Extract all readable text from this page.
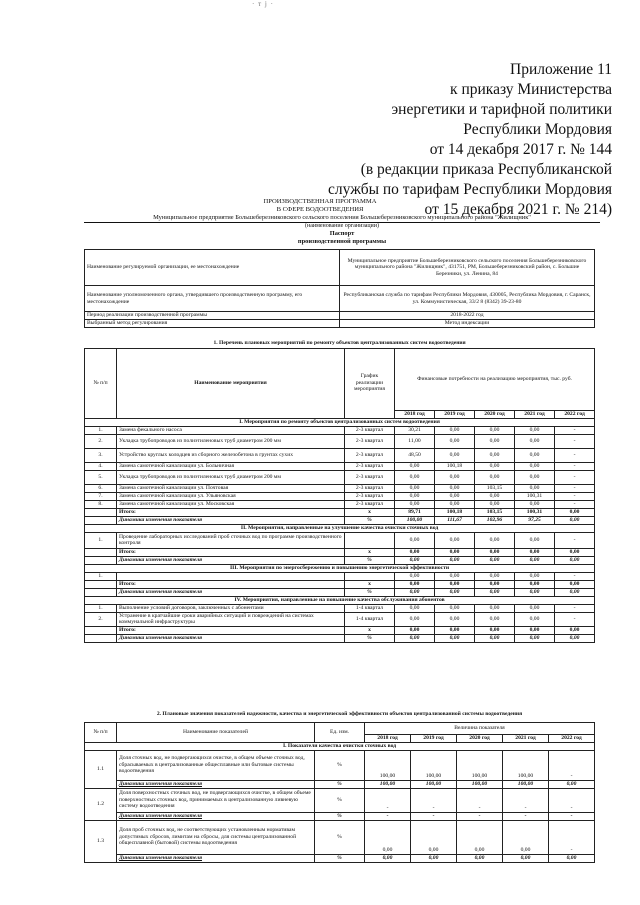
· т ј ·
Приложение 11
к приказу Министерства
энергетики и тарифной политики
Республики Мордовия
от 14 декабря 2017 г. № 144
(в редакции приказа Республиканской
службы по тарифам Республики Мордовия
от 15 декабря 2021 г. № 214)
ПРОИЗВОДСТВЕННАЯ ПРОГРАММА
В СФЕРЕ ВОДООТВЕДЕНИЯ
Муниципальное предприятие Большеберезниковского сельского поселения Большеберезниковского муниципального района "Жилищник"
(наименование организации)
Паспорт
производственной программы
Наименование регулируемой организации, ее местонахождение	Муниципальное предприятие Большеберезниковского сельского поселения Большеберезниковского муниципального района "Жилищник", 431751, РМ, Большеберезниковский район, с. Большие Березники, ул. Ленина, 84
Наименование уполномоченного органа, утвердившего производственную программу, его местонахождение	Республиканская служба по тарифам Республики Мордовия, 430005, Республика Мордовия, г. Саранск, ул. Коммунистическая, 33/2 8 (8342) 39-23-80
Период реализации производственной программы	2018-2022 год
Выбранный метод регулирования	Метод индексации
1. Перечень плановых мероприятий по ремонту объектов централизованных систем водоотведения							
№ п/п	Наименование мероприятия	График реализации мероприятия	Финансовые потребности на реализацию мероприятия, тыс. руб.				
			2018 год	2019 год	2020 год	2021 год	2022 год
I. Мероприятия по ремонту объектов централизованных систем водоотведения							
1.	Замена фекального насоса	2-3 квартал	30,21	0,00	0,00	0,00	-
2.	Укладка трубопроводов из полиэтиленовых труб диаметром 200 мм	2-3 квартал	11,00	0,00	0,00	0,00	-
3.	Устройство круглых колодцев из сборного железобетона в грунтах сухих	2-3 квартал	48,50	0,00	0,00	0,00	-
4.	Замена самотечной канализации ул. Больничная	2-3 квартал	0,00	100,18	0,00	0,00	-
5.	Укладка трубопроводов из полиэтиленовых труб диаметром 200 мм	2-3 квартал	0,00	0,00	0,00	0,00	-
6.	Замена самотечной канализации ул. Почтовая	2-3 квартал	0,00	0,00	103,15	0,00	-
7.	Замена самотечной канализации ул. Ульяновская	2-3 квартал	0,00	0,00	0,00	100,31	-
8.	Замена самотечной канализации ул. Московская	2-3 квартал	0,00	0,00	0,00	0,00	-
	Итого:	х	89,71	100,18	103,15	100,31	0,00
	Динамика изменения показателя	%	100,00	111,67	102,96	97,25	0,00
II. Мероприятия, направленные на улучшение качества очистки сточных вод							
1.	Проведение лабораторных исследований проб сточных вод по программе производственного контроля		0,00	0,00	0,00	0,00	-
	Итого:	х	0,00	0,00	0,00	0,00	0,00
	Динамика изменения показателя	%	0,00	0,00	0,00	0,00	0,00
III. Мероприятия по энергосбережению и повышению энергетической эффективности							
1.			0,00	0,00	0,00	0,00	-
	Итого:	х	0,00	0,00	0,00	0,00	0,00
	Динамика изменения показателя	%	0,00	0,00	0,00	0,00	0,00
IV. Мероприятия, направленные на повышение качества обслуживания абонентов							
1.	Выполнение условий договоров, заключенных с абонентами	1-4 квартал	0,00	0,00	0,00	0,00	-
2.	Устранение в кратчайшие сроки аварийных ситуаций и повреждений на системах коммунальной инфраструктуры	1-4 квартал	0,00	0,00	0,00	0,00	-
	Итого:	х	0,00	0,00	0,00	0,00	0,00
	Динамика изменения показателя	%	0,00	0,00	0,00	0,00	0,00
2. Плановые значения показателей надежности, качества и энергетической эффективности объектов централизованной системы водоотведения							
№ п/п	Наименование показателей	Ед. изм.	Величина показателя				
			2018 год	2019 год	2020 год	2021 год	2022 год
I. Показатели качества очистки сточных вод							
1.1	Доля сточных вод, не подвергающихся очистке, в общем объеме сточных вод, сбрасываемых в централизованные общесплавные или бытовые системы водоотведения	%	100,00	100,00	100,00	100,00	-
	Динамика изменения показателя	%	100,00	100,00	100,00	100,00	0,00
1.2	Доля поверхностных сточных вод, не подвергающихся очистке, в общем объеме поверхностных сточных вод, принимаемых в централизованную ливневую систему водоотведения	%	-	-	-	-	-
	Динамика изменения показателя	%	-	-	-	-	-
1.3	Доля проб сточных вод, не соответствующих установленным нормативам допустимых сбросов, лимитам на сбросы, для системы централизованной общесплавной (бытовой) системы водоотведения	%	0,00	0,00	0,00	0,00	-
	Динамика изменения показателя	%	0,00	0,00	0,00	0,00	0,00
